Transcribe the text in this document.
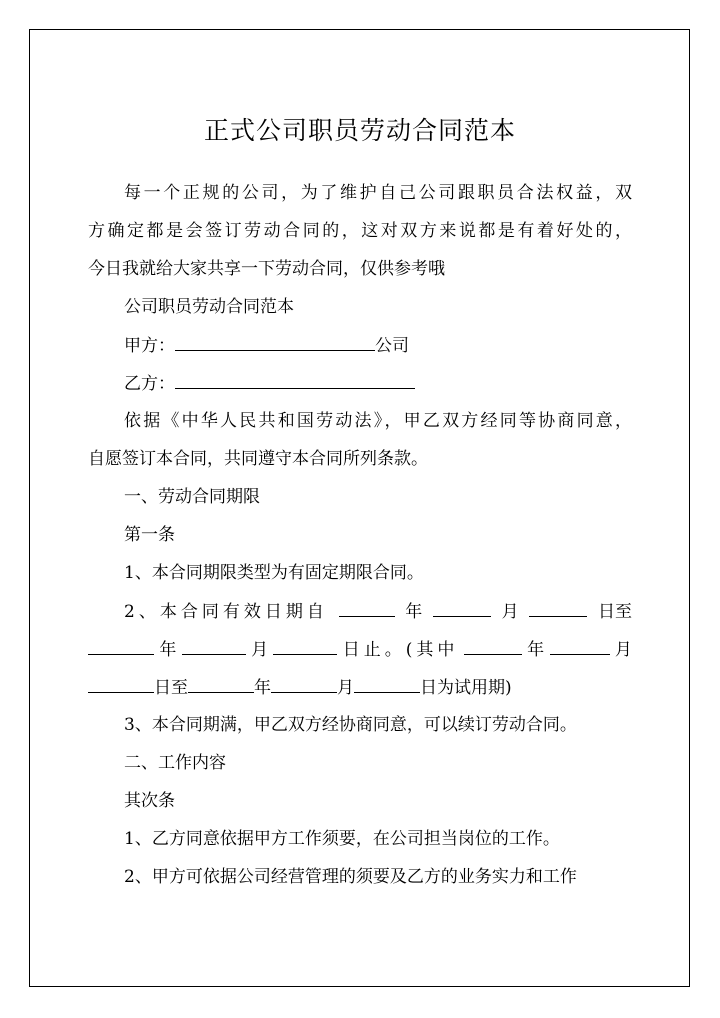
正式公司职员劳动合同范本
每一个正规的公司，为了维护自己公司跟职员合法权益，双
方确定都是会签订劳动合同的，这对双方来说都是有着好处的，
今日我就给大家共享一下劳动合同，仅供参考哦
公司职员劳动合同范本
甲方：	公司
乙方：
依据《中华人民共和国劳动法》，甲乙双方经同等协商同意，
自愿签订本合同，共同遵守本合同所列条款。
一、劳动合同期限
第一条
1、本合同期限类型为有固定期限合同。
2、本合同有效日期自	年	月	日至
年	月	日止。(其中	年	月
日至	年	月	日为试用期)
3、本合同期满，甲乙双方经协商同意，可以续订劳动合同。
二、工作内容
其次条
1、乙方同意依据甲方工作须要，在公司担当岗位的工作。
2、甲方可依据公司经营管理的须要及乙方的业务实力和工作
